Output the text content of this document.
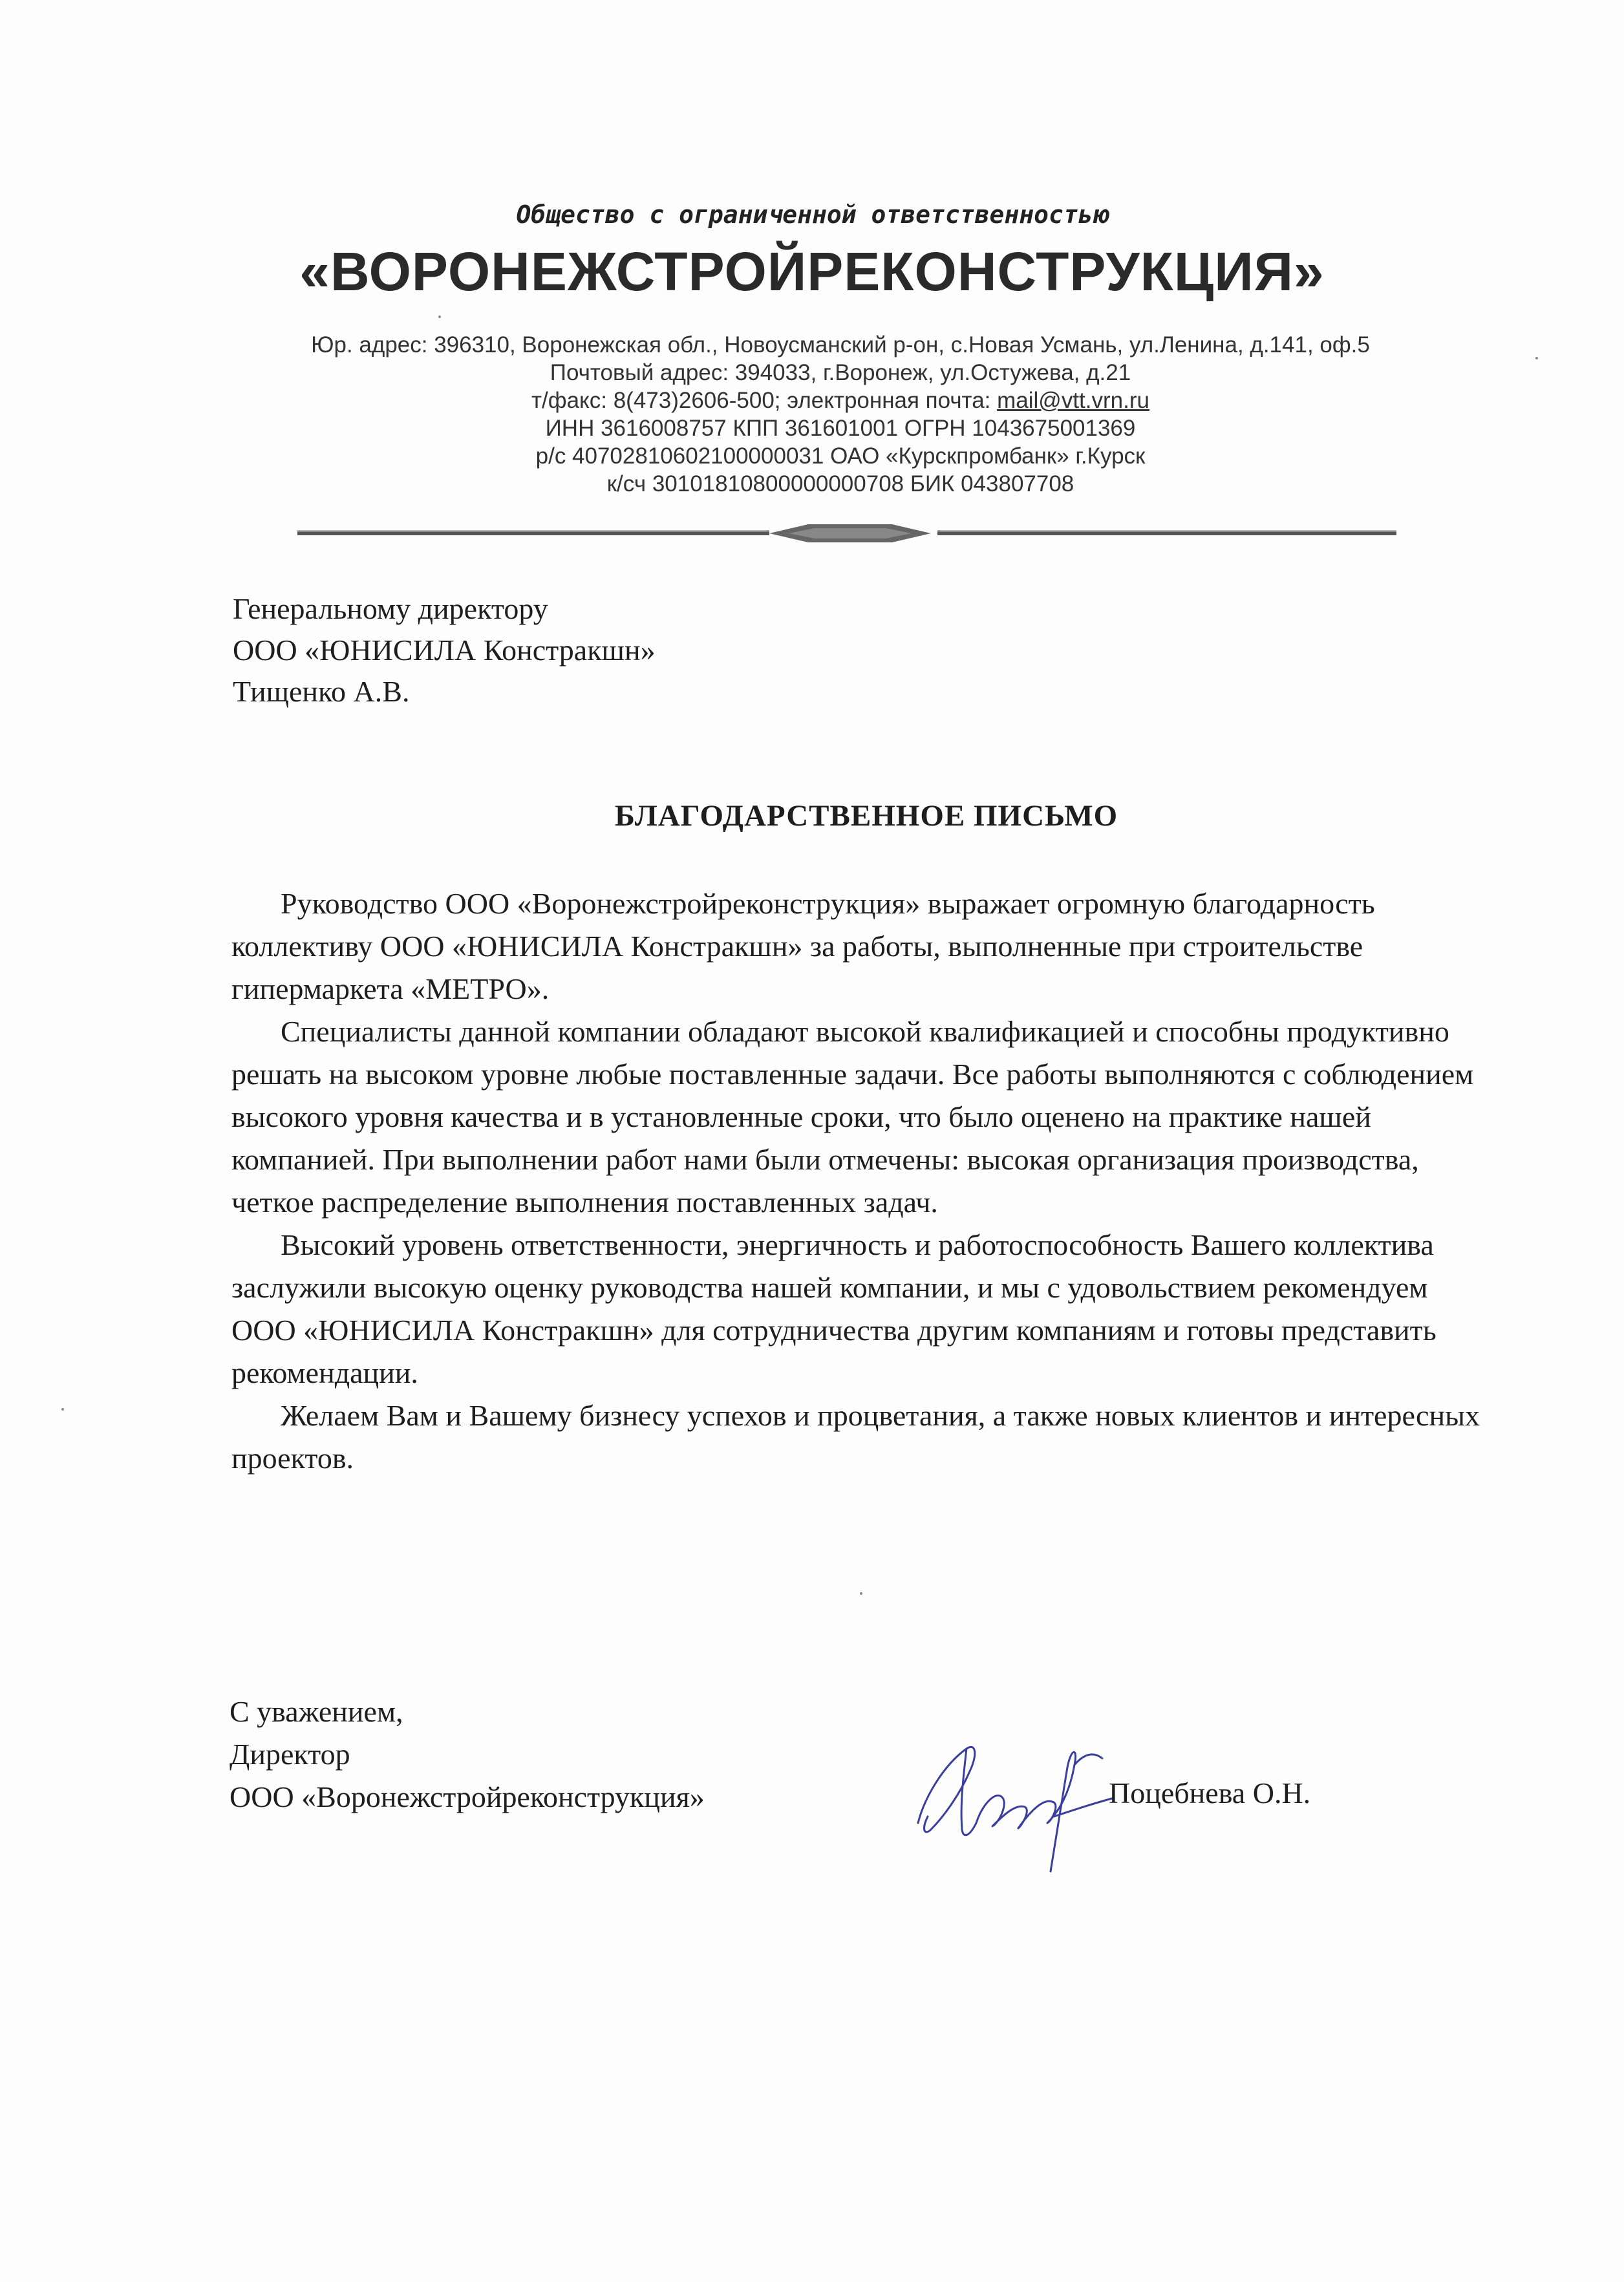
Общество с ограниченной ответственностью
«ВОРОНЕЖСТРОЙРЕКОНСТРУКЦИЯ»
Юр. адрес: 396310, Воронежская обл., Новоусманский р-он, с.Новая Усмань, ул.Ленина, д.141, оф.5
Почтовый адрес: 394033, г.Воронеж, ул.Остужева, д.21
т/факс: 8(473)2606-500; электронная почта: mail@vtt.vrn.ru
ИНН 3616008757 КПП 361601001 ОГРН 1043675001369
р/с 40702810602100000031 ОАО «Курскпромбанк» г.Курск
к/сч 30101810800000000708 БИК 043807708
Генеральному директору
ООО «ЮНИСИЛА Констракшн»
Тищенко А.В.
БЛАГОДАРСТВЕННОЕ ПИСЬМО

Руководство ООО «Воронежстройреконструкция» выражает огромную благодарность коллективу ООО «ЮНИСИЛА Констракшн» за работы, выполненные при строительстве гипермаркета «МЕТРО».

Специалисты данной компании обладают высокой квалификацией и способны продуктивно решать на высоком уровне любые поставленные задачи. Все работы выполняются с соблюдением высокого уровня качества и в установленные сроки, что было оценено на практике нашей компанией. При выполнении работ нами были отмечены: высокая организация производства, четкое распределение выполнения поставленных задач.

Высокий уровень ответственности, энергичность и работоспособность Вашего коллектива заслужили высокую оценку руководства нашей компании, и мы с удовольствием рекомендуем ООО «ЮНИСИЛА Констракшн» для сотрудничества другим компаниям и готовы представить рекомендации.

Желаем Вам и Вашему бизнесу успехов и процветания, а также новых клиентов и интересных проектов.

С уважением,
Директор
ООО «Воронежстройреконструкция»	Поцебнева О.Н.
